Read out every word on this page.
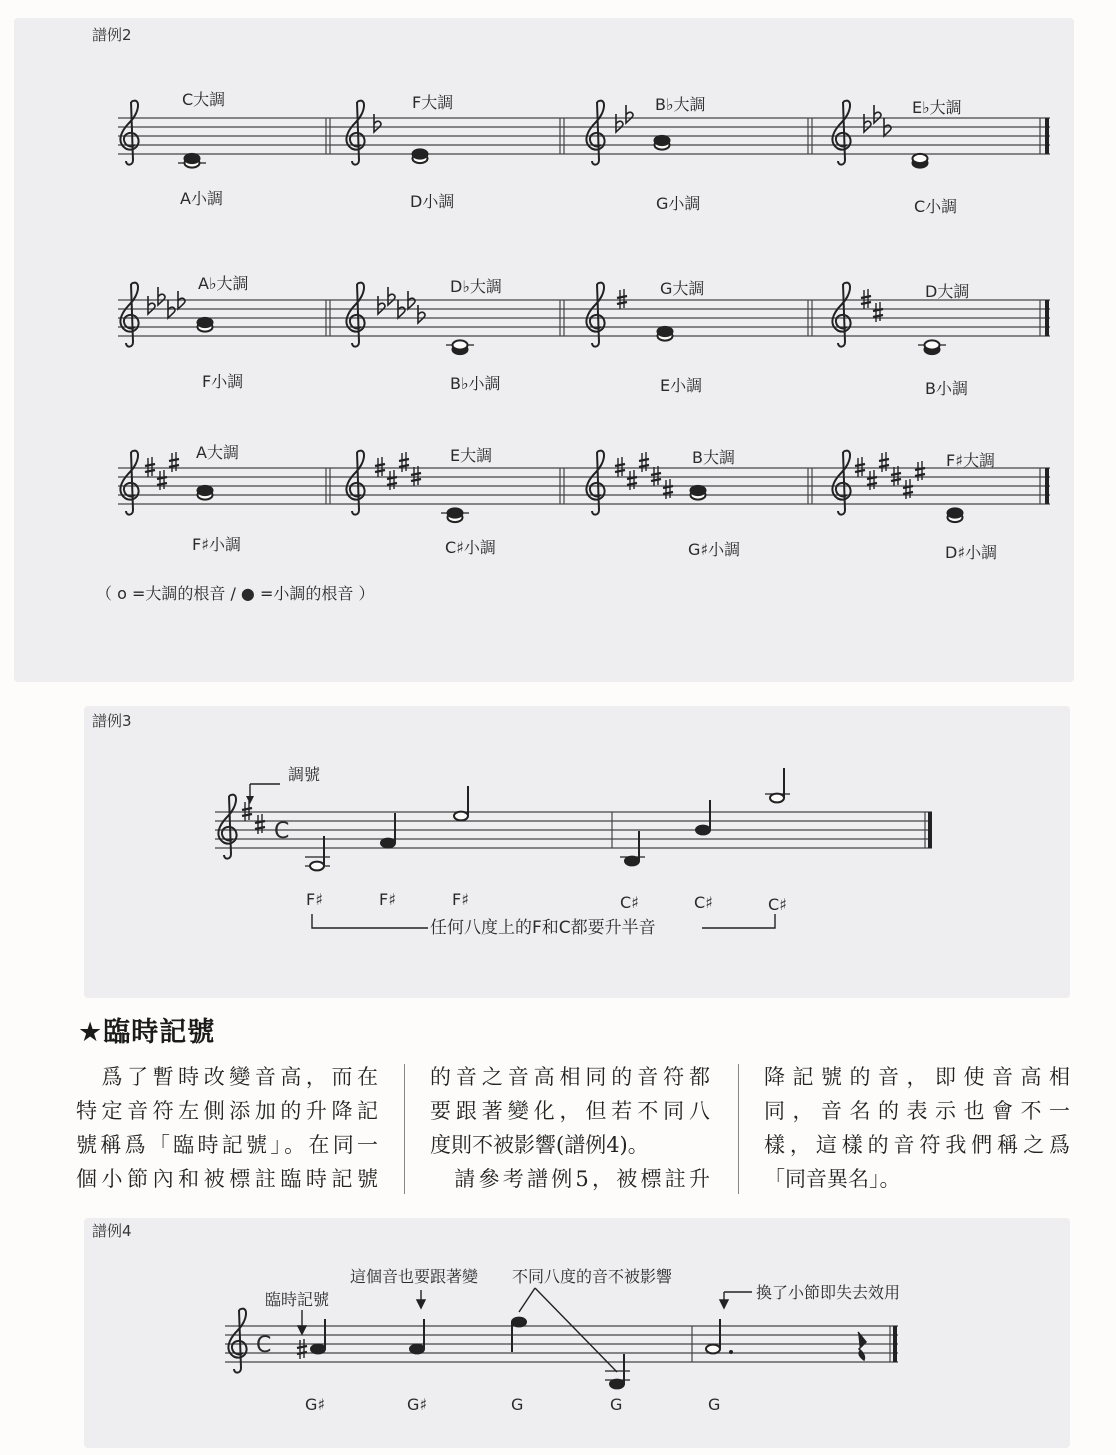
譜例2
譜例3
譜例4
C大調	F大調	B♭大調	E♭大調
A小調	D小調	G小調	C小調
A♭大調	D♭大調	G大調	D大調
F小調	B♭小調	E小調	B小調
A大調	E大調	B大調	F♯大調
F♯小調	C♯小調	G♯小調	D♯小調
（ o =大調的根音 / ● =小調的根音 ）
C
調號
F♯	F♯	F♯	C♯	C♯	C♯
任何八度上的F和C都要升半音
C
臨時記號
這個音也要跟著變 不同八度的音不被影響
換了小節即失去效用
G♯	G♯	G	G	G
★臨時記號

　爲了暫時改變音高，而在

特定音符左側添加的升降記

號稱爲「臨時記號」。在同一

個小節內和被標註臨時記號

的音之音高相同的音符都

要跟著變化，但若不同八

度則不被影響(譜例4)。

　請參考譜例5，被標註升

降記號的音，即使音高相

同，音名的表示也會不一

樣，這樣的音符我們稱之爲

「同音異名」。
